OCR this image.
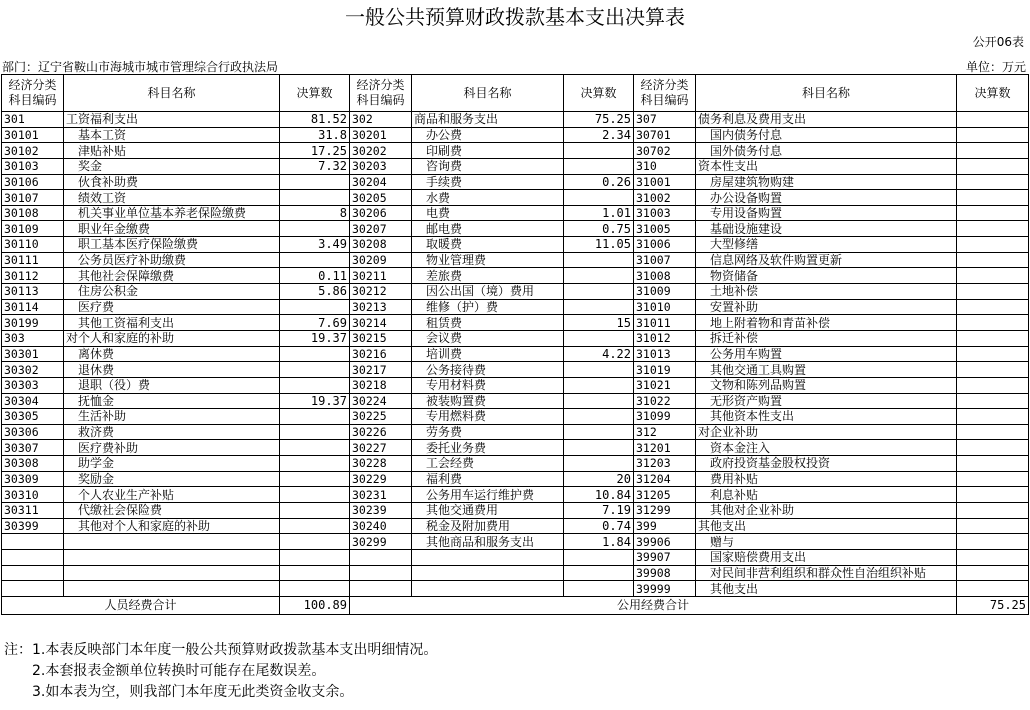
一般公共预算财政拨款基本支出决算表
公开06表
部门：辽宁省鞍山市海城市城市管理综合行政执法局	单位：万元
经济分类科目编码	科目名称	决算数	经济分类科目编码	科目名称	决算数	经济分类科目编码	科目名称	决算数
301	工资福利支出	81.52	302	商品和服务支出	75.25	307	债务利息及费用支出	
30101	基本工资	31.8	30201	办公费	2.34	30701	国内债务付息	
30102	津贴补贴	17.25	30202	印刷费		30702	国外债务付息	
30103	奖金	7.32	30203	咨询费		310	资本性支出	
30106	伙食补助费		30204	手续费	0.26	31001	房屋建筑物购建	
30107	绩效工资		30205	水费		31002	办公设备购置	
30108	机关事业单位基本养老保险缴费	8	30206	电费	1.01	31003	专用设备购置	
30109	职业年金缴费		30207	邮电费	0.75	31005	基础设施建设	
30110	职工基本医疗保险缴费	3.49	30208	取暖费	11.05	31006	大型修缮	
30111	公务员医疗补助缴费		30209	物业管理费		31007	信息网络及软件购置更新	
30112	其他社会保障缴费	0.11	30211	差旅费		31008	物资储备	
30113	住房公积金	5.86	30212	因公出国（境）费用		31009	土地补偿	
30114	医疗费		30213	维修（护）费		31010	安置补助	
30199	其他工资福利支出	7.69	30214	租赁费	15	31011	地上附着物和青苗补偿	
303	对个人和家庭的补助	19.37	30215	会议费		31012	拆迁补偿	
30301	离休费		30216	培训费	4.22	31013	公务用车购置	
30302	退休费		30217	公务接待费		31019	其他交通工具购置	
30303	退职（役）费		30218	专用材料费		31021	文物和陈列品购置	
30304	抚恤金	19.37	30224	被装购置费		31022	无形资产购置	
30305	生活补助		30225	专用燃料费		31099	其他资本性支出	
30306	救济费		30226	劳务费		312	对企业补助	
30307	医疗费补助		30227	委托业务费		31201	资本金注入	
30308	助学金		30228	工会经费		31203	政府投资基金股权投资	
30309	奖励金		30229	福利费	20	31204	费用补贴	
30310	个人农业生产补贴		30231	公务用车运行维护费	10.84	31205	利息补贴	
30311	代缴社会保险费		30239	其他交通费用	7.19	31299	其他对企业补助	
30399	其他对个人和家庭的补助		30240	税金及附加费用	0.74	399	其他支出	
			30299	其他商品和服务支出	1.84	39906	赠与	
						39907	国家赔偿费用支出	
						39908	对民间非营利组织和群众性自治组织补贴	
						39999	其他支出	
人员经费合计		100.89	公用经费合计					75.25
注：1.本表反映部门本年度一般公共预算财政拨款基本支出明细情况。
2.本套报表金额单位转换时可能存在尾数误差。
3.如本表为空，则我部门本年度无此类资金收支余。
